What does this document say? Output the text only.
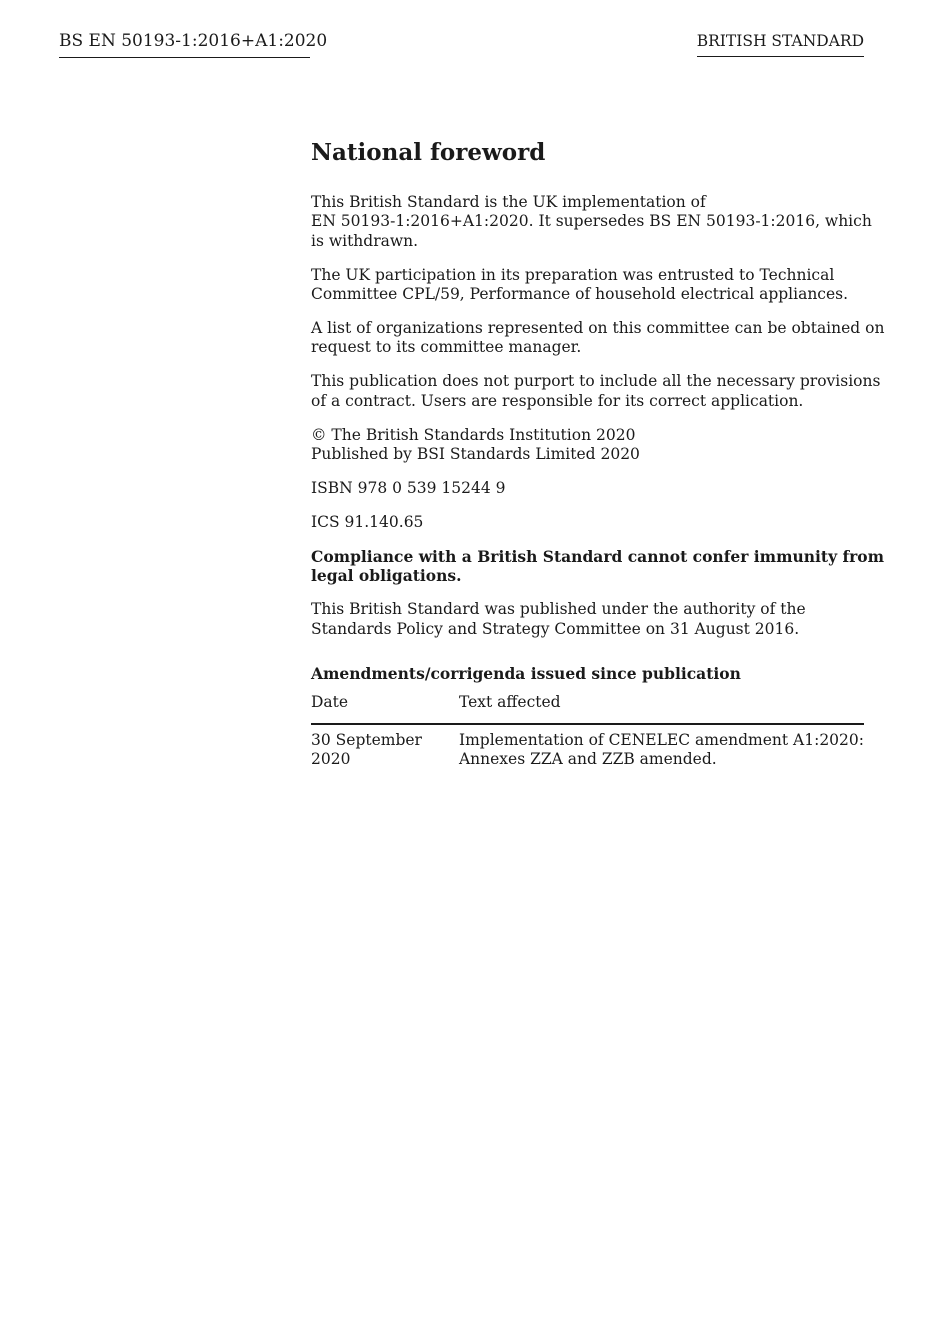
BS EN 50193-1:2016+A1:2020	BRITISH STANDARD
National foreword
This British Standard is the UK implementation of
EN 50193-1:2016+A1:2020. It supersedes BS EN 50193-1:2016, which
is withdrawn.
The UK participation in its preparation was entrusted to Technical
Committee CPL/59, Performance of household electrical appliances.
A list of organizations represented on this committee can be obtained on
request to its committee manager.
This publication does not purport to include all the necessary provisions
of a contract. Users are responsible for its correct application.
© The British Standards Institution 2020
Published by BSI Standards Limited 2020
ISBN 978 0 539 15244 9
ICS 91.140.65
Compliance with a British Standard cannot confer immunity from
legal obligations.
This British Standard was published under the authority of the
Standards Policy and Strategy Committee on 31 August 2016.
Amendments/corrigenda issued since publication
Date	Text affected
30 September 2020	Implementation of CENELEC amendment A1:2020:
Annexes ZZA and ZZB amended.
